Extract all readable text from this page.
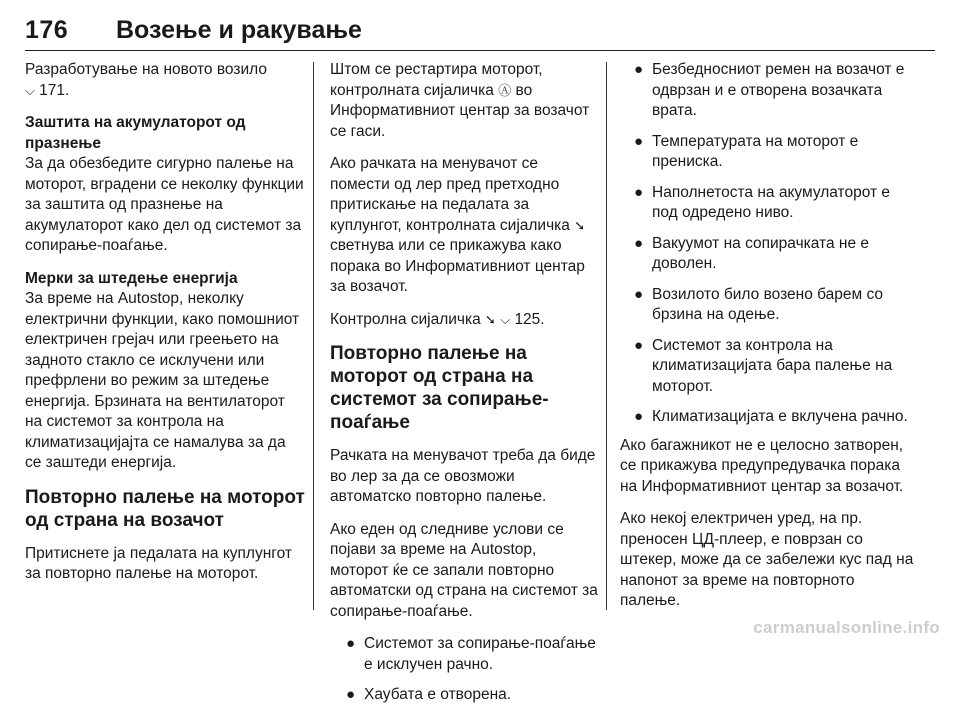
176 Возење и ракување

Разработување на новото возило
⌵ 171.

Заштита на акумулаторот од празнење

За да обезбедите сигурно палење на моторот, вградени се неколку функции за заштита од празнење на акумулаторот како дел од системот за сопирање-поаѓање.

Мерки за штедење енергија

За време на Autostop, неколку електрични функции, како помошниот електричен грејач или греењето на задното стакло се исклучени или префрлени во режим за штедење енергија. Брзината на вентилаторот на системот за контрола на климатизацијајта се намалува за да се заштеди енергија.

Повторно палење на моторот од страна на возачот

Притиснете ја педалата на куплунгот за повторно палење на моторот.

Штом се рестартира моторот, контролната сијаличка Ⓐ во Информативниот центар за возачот се гаси.

Ако рачката на менувачот се помести од лер пред претходно притискање на педалата за куплунгот, контролната сијаличка ➘ светнува или се прикажува како порака во Информативниот центар за возачот.

Контролна сијаличка ➘ ⌵ 125.

Повторно палење на моторот од страна на системот за сопирање-поаѓање

Рачката на менувачот треба да биде во лер за да се овозможи автоматско повторно палење.

Ако еден од следниве услови се појави за време на Autostop, моторот ќе се запали повторно автоматски од страна на системот за сопирање-поаѓање.

● Системот за сопирање-поаѓање е исклучен рачно.
● Хаубата е отворена.
● Безбедносниот ремен на возачот е одврзан и е отворена возачката врата.
● Температурата на моторот е прениска.
● Наполнетоста на акумулаторот е под одредено ниво.
● Вакуумот на сопирачката не е доволен.
● Возилото било возено барем со брзина на одење.
● Системот за контрола на климатизацијата бара палење на моторот.
● Климатизацијата е вклучена рачно.

Ако багажникот не е целосно затворен, се прикажува предупредувачка порака на Информативниот центар за возачот.

Ако некој електричен уред, на пр. преносен ЦД-плеер, е поврзан со штекер, може да се забележи кус пад на напонот за време на повторното палење.

carmanualsonline.info
